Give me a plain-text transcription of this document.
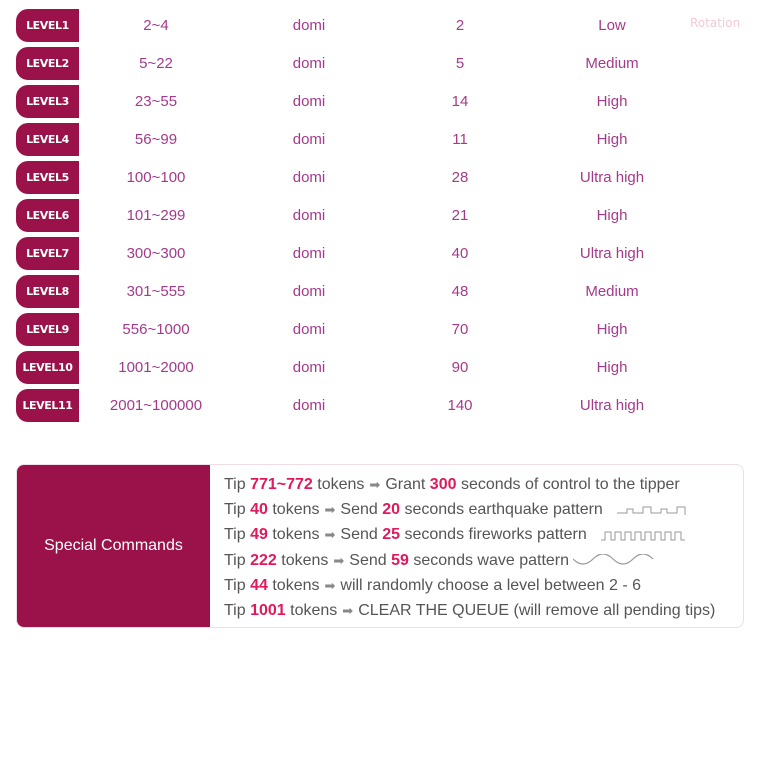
Rotation
LEVEL1	2~4	domi	2	Low
LEVEL2	5~22	domi	5	Medium
LEVEL3	23~55	domi	14	High
LEVEL4	56~99	domi	11	High
LEVEL5	100~100	domi	28	Ultra high
LEVEL6	101~299	domi	21	High
LEVEL7	300~300	domi	40	Ultra high
LEVEL8	301~555	domi	48	Medium
LEVEL9	556~1000	domi	70	High
LEVEL10	1001~2000	domi	90	High
LEVEL11	2001~100000	domi	140	Ultra high
Special Commands
Tip
771~772
tokens ➡ Grant
300
seconds of control to the tipper
Tip
40
tokens ➡ Send
20
seconds earthquake pattern
Tip
49
tokens ➡ Send
25
seconds fireworks pattern
Tip
222
tokens ➡ Send
59
seconds wave pattern
Tip
44
tokens ➡ will randomly choose a level between 2 - 6
Tip
1001
tokens ➡ CLEAR THE QUEUE (will remove all pending tips)
